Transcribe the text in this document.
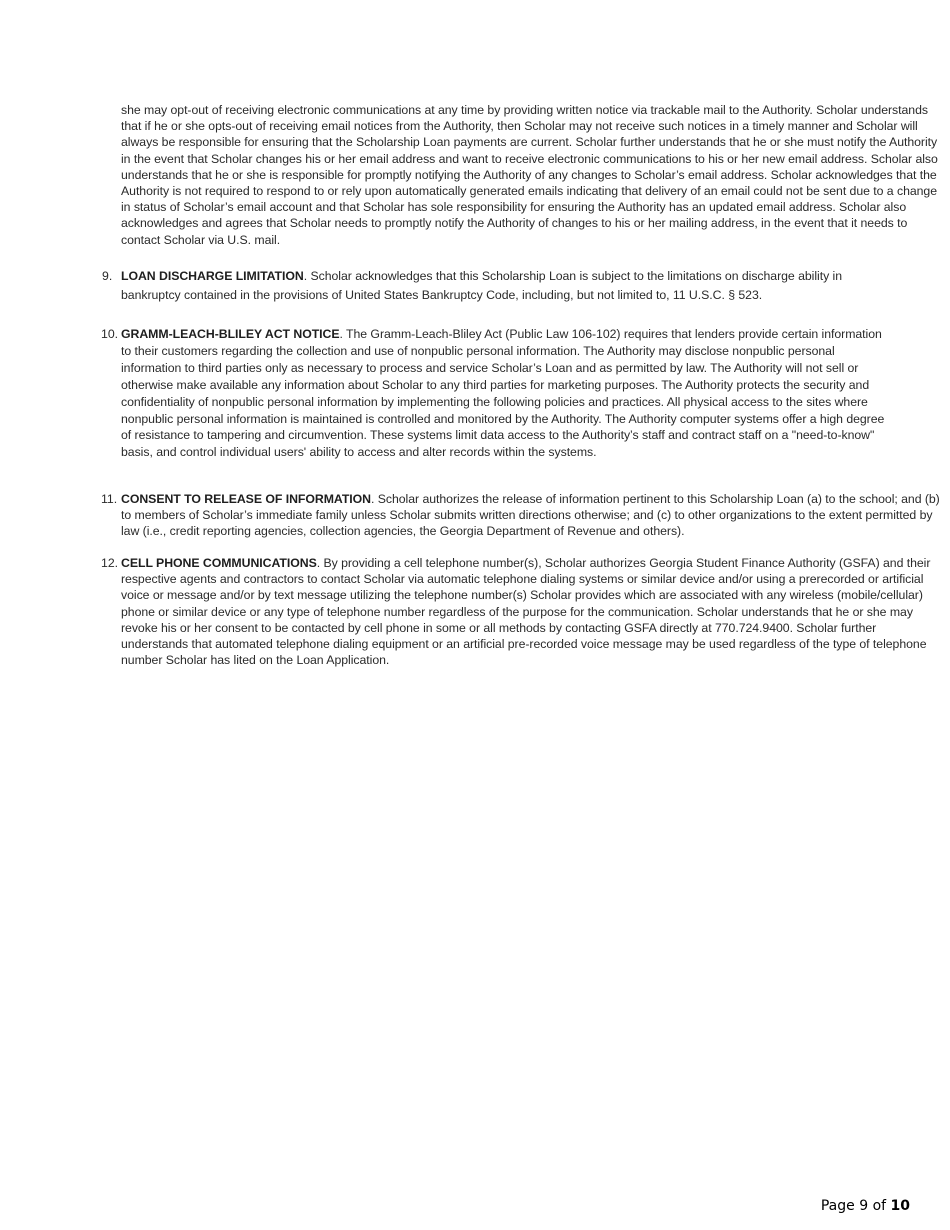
she may opt-out of receiving electronic communications at any time by providing written notice via trackable mail to the Authority. Scholar understands that if he or she opts-out of receiving email notices from the Authority, then Scholar may not receive such notices in a timely manner and Scholar will always be responsible for ensuring that the Scholarship Loan payments are current. Scholar further understands that he or she must notify the Authority in the event that Scholar changes his or her email address and want to receive electronic communications to his or her new email address. Scholar also understands that he or she is responsible for promptly notifying the Authority of any changes to Scholar’s email address. Scholar acknowledges that the Authority is not required to respond to or rely upon automatically generated emails indicating that delivery of an email could not be sent due to a change in status of Scholar’s email account and that Scholar has sole responsibility for ensuring the Authority has an updated email address. Scholar also acknowledges and agrees that Scholar needs to promptly notify the Authority of changes to his or her mailing address, in the event that it needs to contact Scholar via U.S. mail.

9. LOAN DISCHARGE LIMITATION. Scholar acknowledges that this Scholarship Loan is subject to the limitations on discharge ability in bankruptcy contained in the provisions of United States Bankruptcy Code, including, but not limited to, 11 U.S.C. § 523.

10. GRAMM-LEACH-BLILEY ACT NOTICE. The Gramm-Leach-Bliley Act (Public Law 106-102) requires that lenders provide certain information to their customers regarding the collection and use of nonpublic personal information. The Authority may disclose nonpublic personal information to third parties only as necessary to process and service Scholar’s Loan and as permitted by law. The Authority will not sell or otherwise make available any information about Scholar to any third parties for marketing purposes. The Authority protects the security and confidentiality of nonpublic personal information by implementing the following policies and practices. All physical access to the sites where nonpublic personal information is maintained is controlled and monitored by the Authority. The Authority computer systems offer a high degree of resistance to tampering and circumvention. These systems limit data access to the Authority’s staff and contract staff on a "need-to-know" basis, and control individual users' ability to access and alter records within the systems.

11. CONSENT TO RELEASE OF INFORMATION. Scholar authorizes the release of information pertinent to this Scholarship Loan (a) to the school; and (b) to members of Scholar’s immediate family unless Scholar submits written directions otherwise; and (c) to other organizations to the extent permitted by law (i.e., credit reporting agencies, collection agencies, the Georgia Department of Revenue and others).

12. CELL PHONE COMMUNICATIONS. By providing a cell telephone number(s), Scholar authorizes Georgia Student Finance Authority (GSFA) and their respective agents and contractors to contact Scholar via automatic telephone dialing systems or similar device and/or using a prerecorded or artificial voice or message and/or by text message utilizing the telephone number(s) Scholar provides which are associated with any wireless (mobile/cellular) phone or similar device or any type of telephone number regardless of the purpose for the communication. Scholar understands that he or she may revoke his or her consent to be contacted by cell phone in some or all methods by contacting GSFA directly at 770.724.9400. Scholar further understands that automated telephone dialing equipment or an artificial pre-recorded voice message may be used regardless of the type of telephone number Scholar has lited on the Loan Application.

Page 9 of 10
